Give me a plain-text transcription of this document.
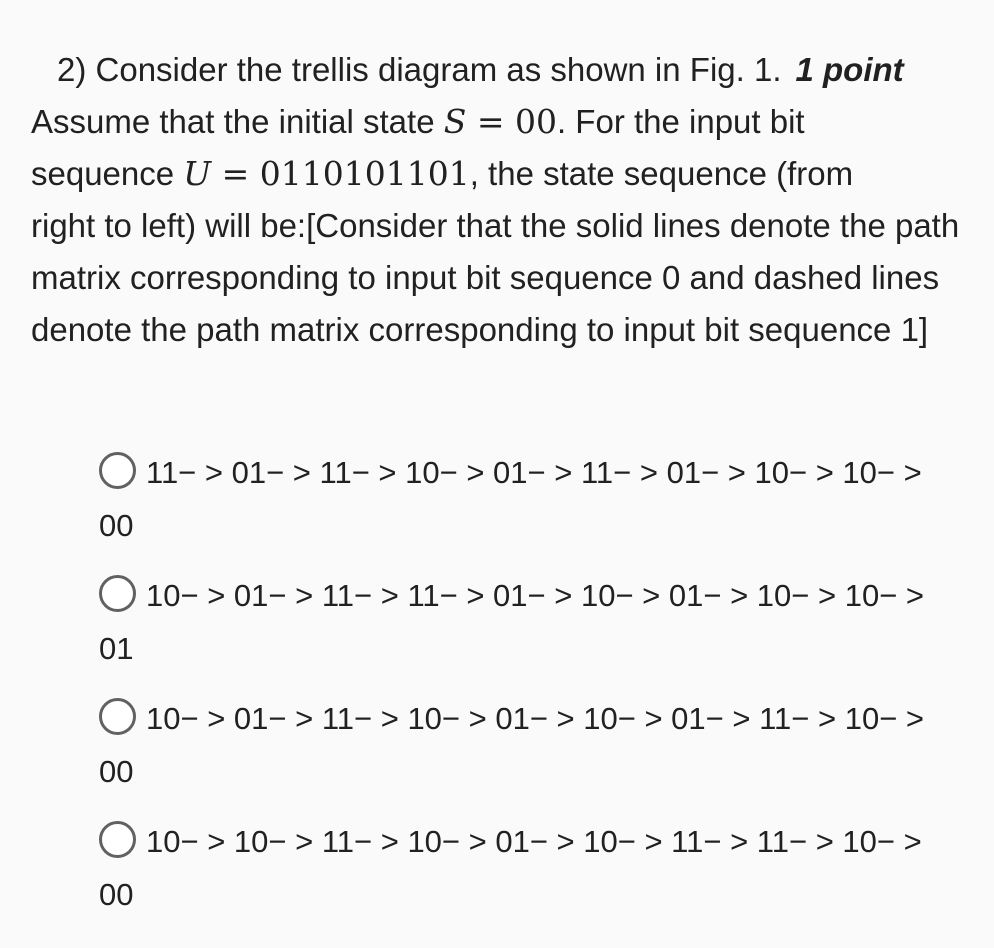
2) Consider the trellis diagram as shown in Fig. 1. 1 point
Assume that the initial state S = 00. For the input bit
sequence U = 0110101101, the state sequence (from
right to left) will be:[Consider that the solid lines denote the path matrix corresponding to input bit sequence 0 and dashed lines denote the path matrix corresponding to input bit sequence 1]
11− > 01− > 11− > 10− > 01− > 11− > 01− > 10− > 10− > 00
10− > 01− > 11− > 11− > 01− > 10− > 01− > 10− > 10− > 01
10− > 01− > 11− > 10− > 01− > 10− > 01− > 11− > 10− > 00
10− > 10− > 11− > 10− > 01− > 10− > 11− > 11− > 10− > 00
